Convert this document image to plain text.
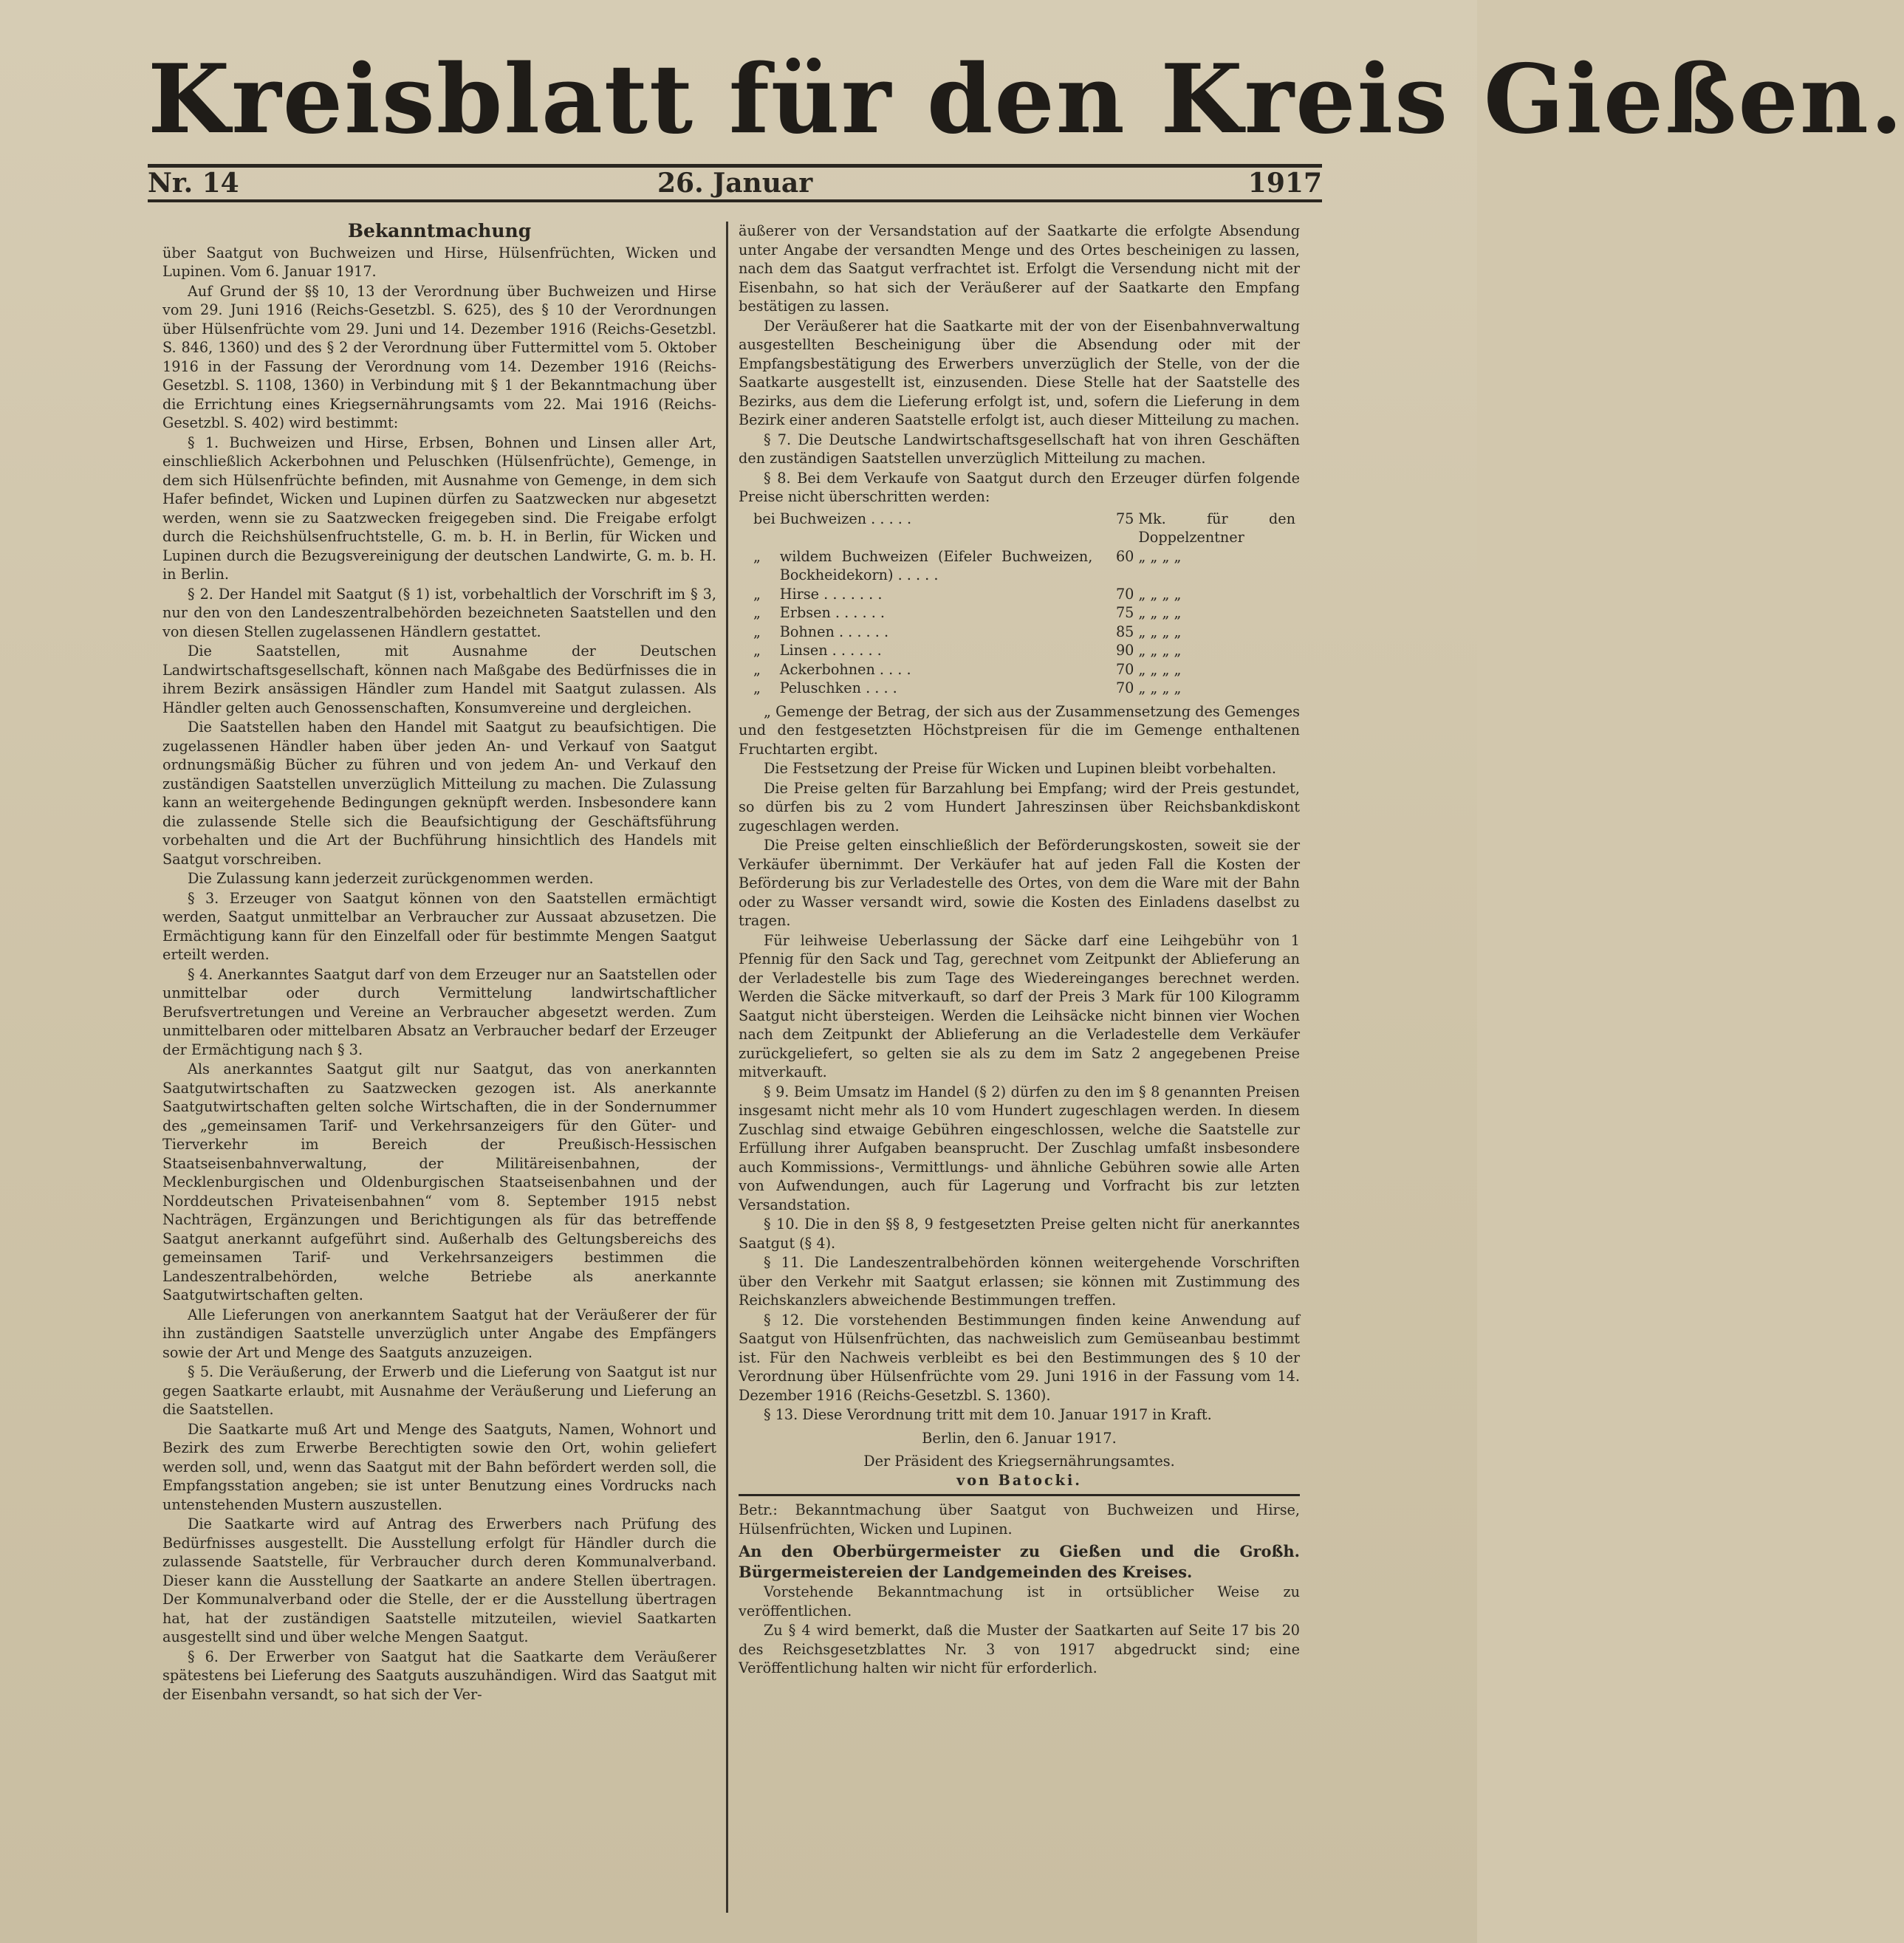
Kreisblatt für den Kreis Gießen.
Nr. 14	26. Januar	1917
Bekanntmachung

über Saatgut von Buchweizen und Hirse, Hülsenfrüchten, Wicken und Lupinen. Vom 6. Januar 1917.

Auf Grund der §§ 10, 13 der Verordnung über Buchweizen und Hirse vom 29. Juni 1916 (Reichs-Gesetzbl. S. 625), des § 10 der Verordnungen über Hülsenfrüchte vom 29. Juni und 14. Dezember 1916 (Reichs-Gesetzbl. S. 846, 1360) und des § 2 der Verordnung über Futtermittel vom 5. Oktober 1916 in der Fassung der Verordnung vom 14. Dezember 1916 (Reichs-Gesetzbl. S. 1108, 1360) in Verbindung mit § 1 der Bekanntmachung über die Errichtung eines Kriegsernährungsamts vom 22. Mai 1916 (Reichs-Gesetzbl. S. 402) wird bestimmt:

§ 1. Buchweizen und Hirse, Erbsen, Bohnen und Linsen aller Art, einschließlich Ackerbohnen und Peluschken (Hülsenfrüchte), Gemenge, in dem sich Hülsenfrüchte befinden, mit Ausnahme von Gemenge, in dem sich Hafer befindet, Wicken und Lupinen dürfen zu Saatzwecken nur abgesetzt werden, wenn sie zu Saatzwecken freigegeben sind. Die Freigabe erfolgt durch die Reichshülsenfruchtstelle, G. m. b. H. in Berlin, für Wicken und Lupinen durch die Bezugsvereinigung der deutschen Landwirte, G. m. b. H. in Berlin.

§ 2. Der Handel mit Saatgut (§ 1) ist, vorbehaltlich der Vorschrift im § 3, nur den von den Landeszentralbehörden bezeichneten Saatstellen und den von diesen Stellen zugelassenen Händlern gestattet.

Die Saatstellen, mit Ausnahme der Deutschen Landwirtschaftsgesellschaft, können nach Maßgabe des Bedürfnisses die in ihrem Bezirk ansässigen Händler zum Handel mit Saatgut zulassen. Als Händler gelten auch Genossenschaften, Konsumvereine und dergleichen.

Die Saatstellen haben den Handel mit Saatgut zu beaufsichtigen. Die zugelassenen Händler haben über jeden An- und Verkauf von Saatgut ordnungsmäßig Bücher zu führen und von jedem An- und Verkauf den zuständigen Saatstellen unverzüglich Mitteilung zu machen. Die Zulassung kann an weitergehende Bedingungen geknüpft werden. Insbesondere kann die zulassende Stelle sich die Beaufsichtigung der Geschäftsführung vorbehalten und die Art der Buchführung hinsichtlich des Handels mit Saatgut vorschreiben.

Die Zulassung kann jederzeit zurückgenommen werden.

§ 3. Erzeuger von Saatgut können von den Saatstellen ermächtigt werden, Saatgut unmittelbar an Verbraucher zur Aussaat abzusetzen. Die Ermächtigung kann für den Einzelfall oder für bestimmte Mengen Saatgut erteilt werden.

§ 4. Anerkanntes Saatgut darf von dem Erzeuger nur an Saatstellen oder unmittelbar oder durch Vermittelung landwirtschaftlicher Berufsvertretungen und Vereine an Verbraucher abgesetzt werden. Zum unmittelbaren oder mittelbaren Absatz an Verbraucher bedarf der Erzeuger der Ermächtigung nach § 3.

Als anerkanntes Saatgut gilt nur Saatgut, das von anerkannten Saatgutwirtschaften zu Saatzwecken gezogen ist. Als anerkannte Saatgutwirtschaften gelten solche Wirtschaften, die in der Sondernummer des „gemeinsamen Tarif- und Verkehrsanzeigers für den Güter- und Tierverkehr im Bereich der Preußisch-Hessischen Staatseisenbahnverwaltung, der Militäreisenbahnen, der Mecklenburgischen und Oldenburgischen Staatseisenbahnen und der Norddeutschen Privateisenbahnen“ vom 8. September 1915 nebst Nachträgen, Ergänzungen und Berichtigungen als für das betreffende Saatgut anerkannt aufgeführt sind. Außerhalb des Geltungsbereichs des gemeinsamen Tarif- und Verkehrsanzeigers bestimmen die Landeszentralbehörden, welche Betriebe als anerkannte Saatgutwirtschaften gelten.

Alle Lieferungen von anerkanntem Saatgut hat der Veräußerer der für ihn zuständigen Saatstelle unverzüglich unter Angabe des Empfängers sowie der Art und Menge des Saatguts anzuzeigen.

§ 5. Die Veräußerung, der Erwerb und die Lieferung von Saatgut ist nur gegen Saatkarte erlaubt, mit Ausnahme der Veräußerung und Lieferung an die Saatstellen.

Die Saatkarte muß Art und Menge des Saatguts, Namen, Wohnort und Bezirk des zum Erwerbe Berechtigten sowie den Ort, wohin geliefert werden soll, und, wenn das Saatgut mit der Bahn befördert werden soll, die Empfangsstation angeben; sie ist unter Benutzung eines Vordrucks nach untenstehenden Mustern auszustellen.

Die Saatkarte wird auf Antrag des Erwerbers nach Prüfung des Bedürfnisses ausgestellt. Die Ausstellung erfolgt für Händler durch die zulassende Saatstelle, für Verbraucher durch deren Kommunalverband. Dieser kann die Ausstellung der Saatkarte an andere Stellen übertragen. Der Kommunalverband oder die Stelle, der er die Ausstellung übertragen hat, hat der zuständigen Saatstelle mitzuteilen, wieviel Saatkarten ausgestellt sind und über welche Mengen Saatgut.

§ 6. Der Erwerber von Saatgut hat die Saatkarte dem Veräußerer spätestens bei Lieferung des Saatguts auszuhändigen. Wird das Saatgut mit der Eisenbahn versandt, so hat sich der Ver-

äußerer von der Versandstation auf der Saatkarte die erfolgte Absendung unter Angabe der versandten Menge und des Ortes bescheinigen zu lassen, nach dem das Saatgut verfrachtet ist. Erfolgt die Versendung nicht mit der Eisenbahn, so hat sich der Veräußerer auf der Saatkarte den Empfang bestätigen zu lassen.

Der Veräußerer hat die Saatkarte mit der von der Eisenbahnverwaltung ausgestellten Bescheinigung über die Absendung oder mit der Empfangsbestätigung des Erwerbers unverzüglich der Stelle, von der die Saatkarte ausgestellt ist, einzusenden. Diese Stelle hat der Saatstelle des Bezirks, aus dem die Lieferung erfolgt ist, und, sofern die Lieferung in dem Bezirk einer anderen Saatstelle erfolgt ist, auch dieser Mitteilung zu machen.

§ 7. Die Deutsche Landwirtschaftsgesellschaft hat von ihren Geschäften den zuständigen Saatstellen unverzüglich Mitteilung zu machen.

§ 8. Bei dem Verkaufe von Saatgut durch den Erzeuger dürfen folgende Preise nicht überschritten werden:

bei	Buchweizen . . . . .	75	Mk. für den Doppelzentner
„	wildem Buchweizen (Eifeler Buchweizen, Bockheidekorn) . . . . .	60	„ „ „ „
„	Hirse . . . . . . .	70	„ „ „ „
„	Erbsen . . . . . .	75	„ „ „ „
„	Bohnen . . . . . .	85	„ „ „ „
„	Linsen . . . . . .	90	„ „ „ „
„	Ackerbohnen . . . .	70	„ „ „ „
„	Peluschken . . . .	70	„ „ „ „

„ Gemenge der Betrag, der sich aus der Zusammensetzung des Gemenges und den festgesetzten Höchstpreisen für die im Gemenge enthaltenen Fruchtarten ergibt.

Die Festsetzung der Preise für Wicken und Lupinen bleibt vorbehalten.

Die Preise gelten für Barzahlung bei Empfang; wird der Preis gestundet, so dürfen bis zu 2 vom Hundert Jahreszinsen über Reichsbankdiskont zugeschlagen werden.

Die Preise gelten einschließlich der Beförderungskosten, soweit sie der Verkäufer übernimmt. Der Verkäufer hat auf jeden Fall die Kosten der Beförderung bis zur Verladestelle des Ortes, von dem die Ware mit der Bahn oder zu Wasser versandt wird, sowie die Kosten des Einladens daselbst zu tragen.

Für leihweise Ueberlassung der Säcke darf eine Leihgebühr von 1 Pfennig für den Sack und Tag, gerechnet vom Zeitpunkt der Ablieferung an der Verladestelle bis zum Tage des Wiedereinganges berechnet werden. Werden die Säcke mitverkauft, so darf der Preis 3 Mark für 100 Kilogramm Saatgut nicht übersteigen. Werden die Leihsäcke nicht binnen vier Wochen nach dem Zeitpunkt der Ablieferung an die Verladestelle dem Verkäufer zurückgeliefert, so gelten sie als zu dem im Satz 2 angegebenen Preise mitverkauft.

§ 9. Beim Umsatz im Handel (§ 2) dürfen zu den im § 8 genannten Preisen insgesamt nicht mehr als 10 vom Hundert zugeschlagen werden. In diesem Zuschlag sind etwaige Gebühren eingeschlossen, welche die Saatstelle zur Erfüllung ihrer Aufgaben beansprucht. Der Zuschlag umfaßt insbesondere auch Kommissions-, Vermittlungs- und ähnliche Gebühren sowie alle Arten von Aufwendungen, auch für Lagerung und Vorfracht bis zur letzten Versandstation.

§ 10. Die in den §§ 8, 9 festgesetzten Preise gelten nicht für anerkanntes Saatgut (§ 4).

§ 11. Die Landeszentralbehörden können weitergehende Vorschriften über den Verkehr mit Saatgut erlassen; sie können mit Zustimmung des Reichskanzlers abweichende Bestimmungen treffen.

§ 12. Die vorstehenden Bestimmungen finden keine Anwendung auf Saatgut von Hülsenfrüchten, das nachweislich zum Gemüseanbau bestimmt ist. Für den Nachweis verbleibt es bei den Bestimmungen des § 10 der Verordnung über Hülsenfrüchte vom 29. Juni 1916 in der Fassung vom 14. Dezember 1916 (Reichs-Gesetzbl. S. 1360).

§ 13. Diese Verordnung tritt mit dem 10. Januar 1917 in Kraft.

Berlin, den 6. Januar 1917.
Der Präsident des Kriegsernährungsamtes.
von Batocki.

Betr.: Bekanntmachung über Saatgut von Buchweizen und Hirse, Hülsenfrüchten, Wicken und Lupinen.

An den Oberbürgermeister zu Gießen und die Großh. Bürgermeistereien der Landgemeinden des Kreises.

Vorstehende Bekanntmachung ist in ortsüblicher Weise zu veröffentlichen.

Zu § 4 wird bemerkt, daß die Muster der Saatkarten auf Seite 17 bis 20 des Reichsgesetzblattes Nr. 3 von 1917 abgedruckt sind; eine Veröffentlichung halten wir nicht für erforderlich.
